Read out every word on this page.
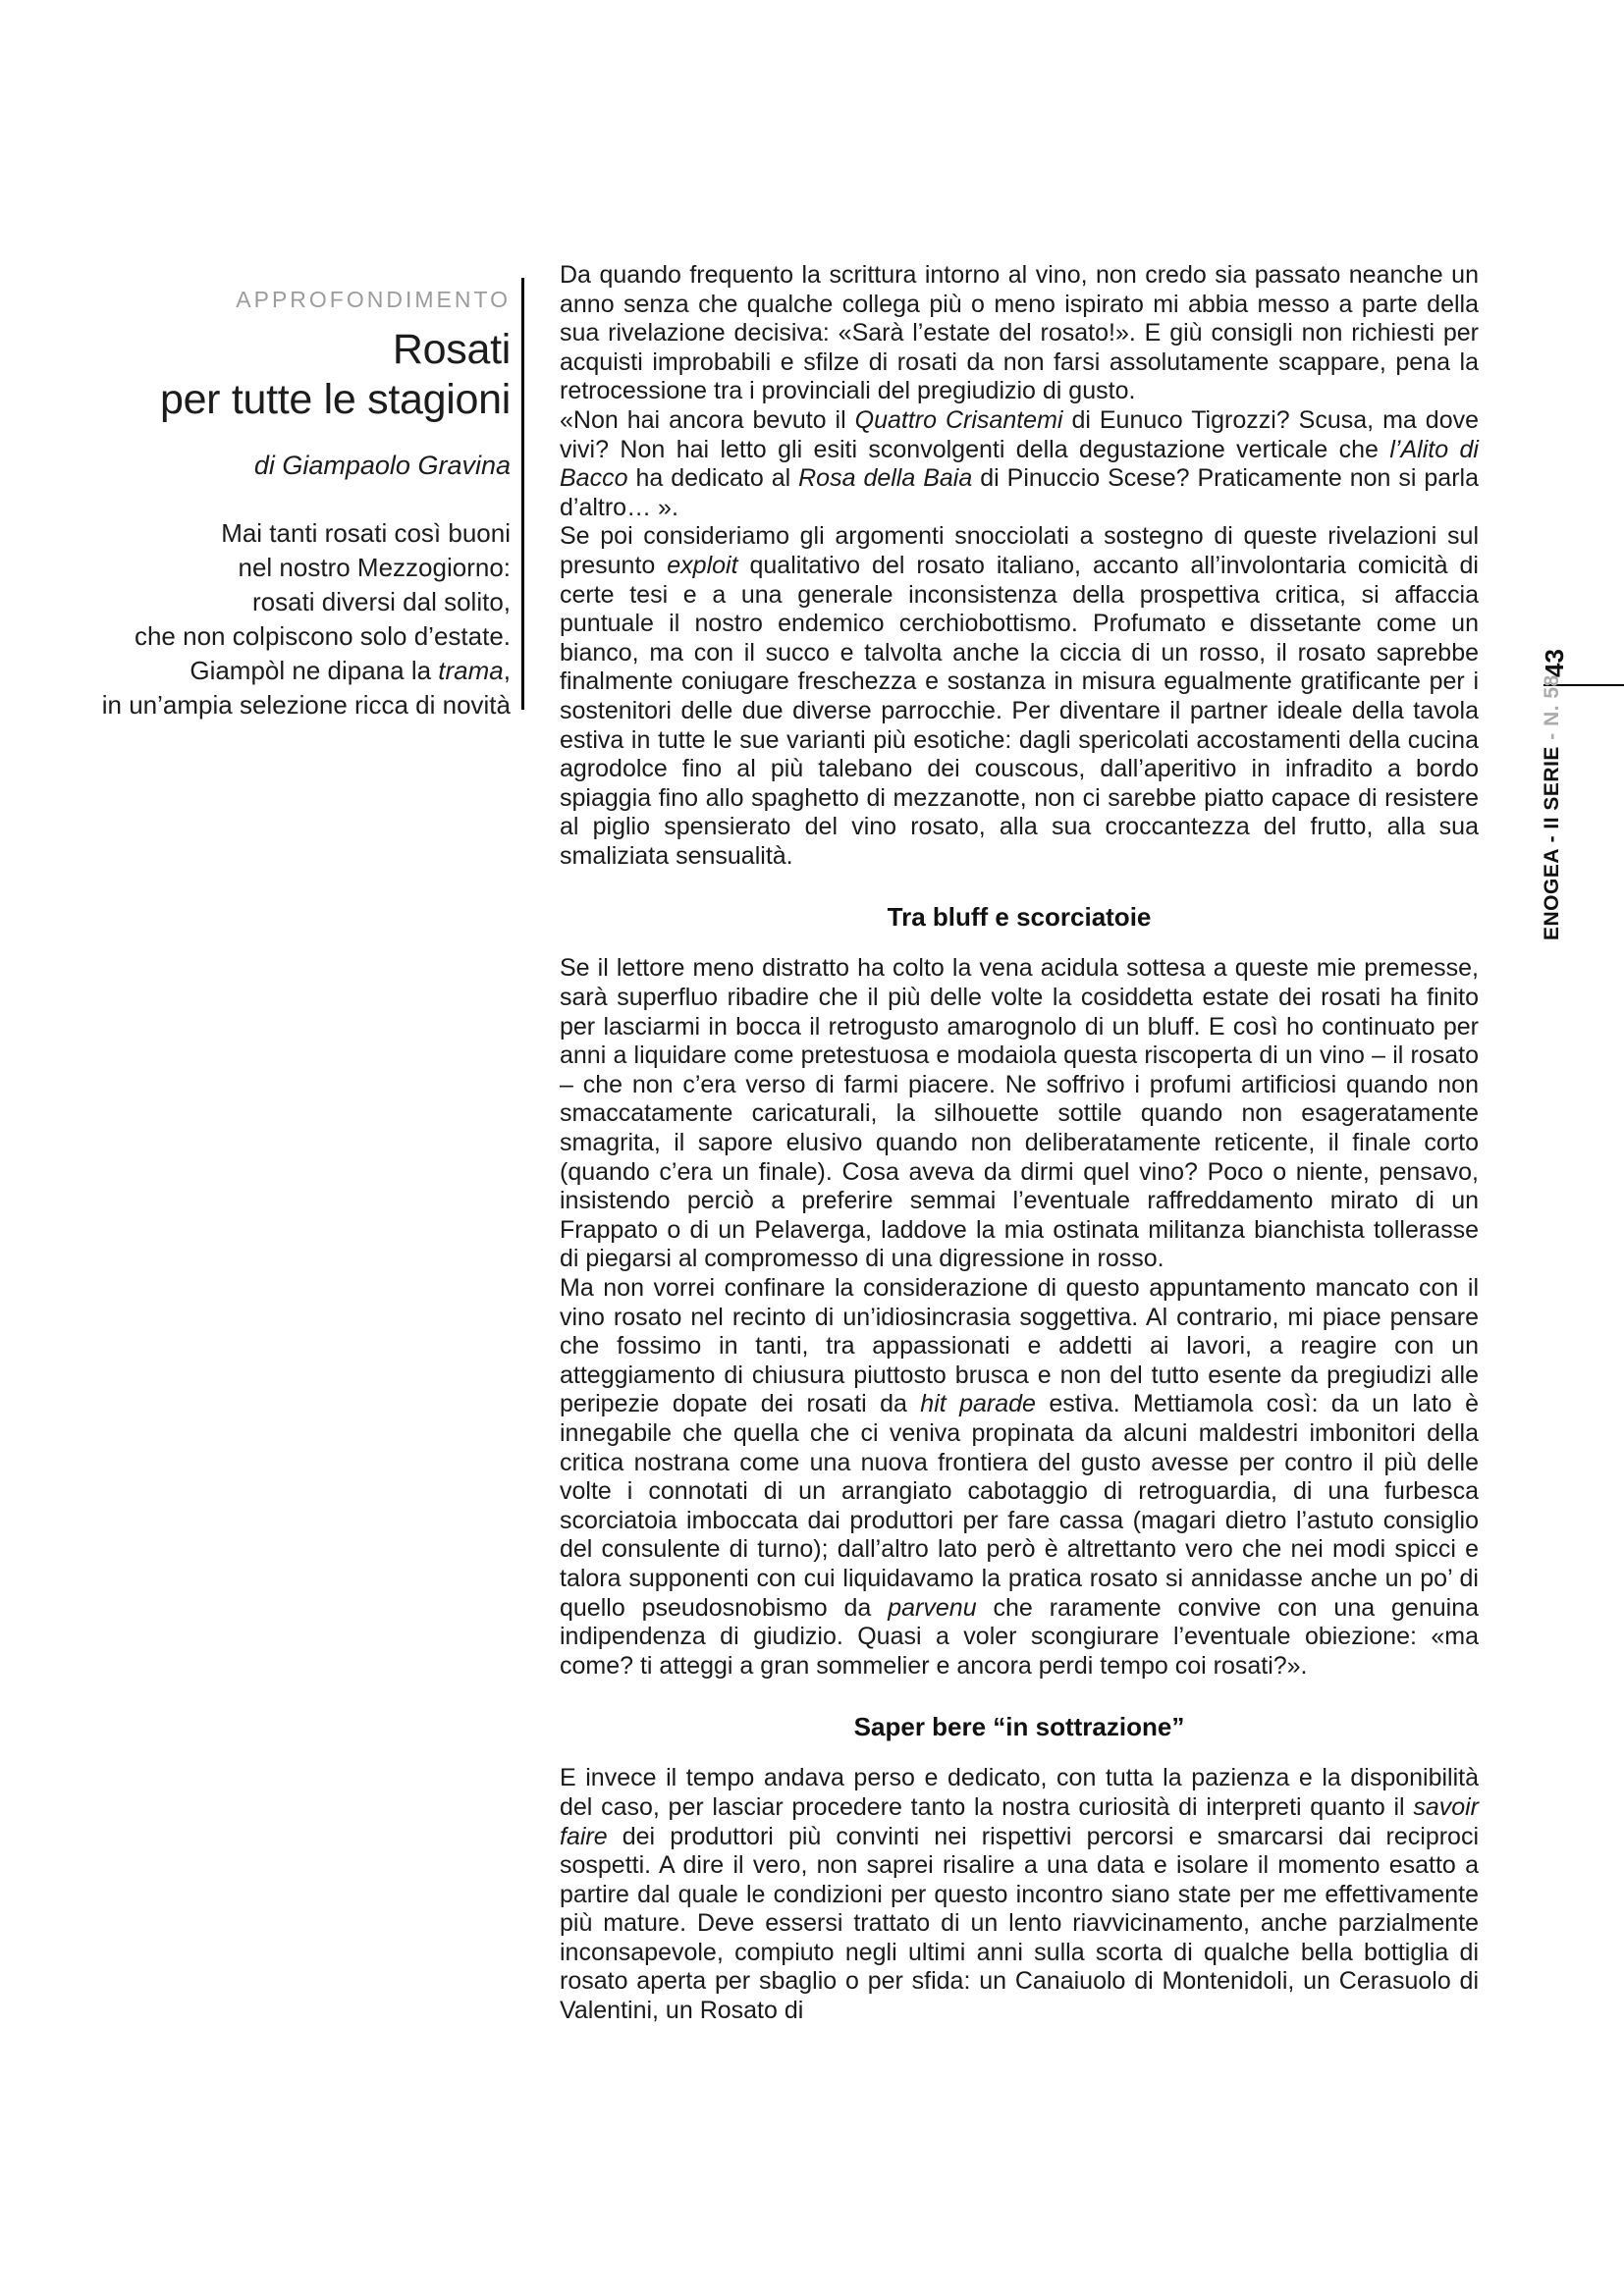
APPROFONDIMENTO
Rosati
per tutte le stagioni
di Giampaolo Gravina
Mai tanti rosati così buoni
nel nostro Mezzogiorno:
rosati diversi dal solito,
che non colpiscono solo d’estate.
Giampòl ne dipana la trama,
in un’ampia selezione ricca di novità

Da quando frequento la scrittura intorno al vino, non credo sia passato neanche un anno senza che qualche collega più o meno ispirato mi abbia messo a parte della sua rivelazione decisiva: «Sarà l’estate del rosato!». E giù consigli non richiesti per acquisti improbabili e sfilze di rosati da non farsi assolutamente scappare, pena la retrocessione tra i provinciali del pregiudizio di gusto.

«Non hai ancora bevuto il Quattro Crisantemi di Eunuco Tigrozzi? Scusa, ma dove vivi? Non hai letto gli esiti sconvolgenti della degustazione verticale che l’Alito di Bacco ha dedicato al Rosa della Baia di Pinuccio Scese? Praticamente non si parla d’altro… ».

Se poi consideriamo gli argomenti snocciolati a sostegno di queste rivelazioni sul presunto exploit qualitativo del rosato italiano, accanto all’involontaria comicità di certe tesi e a una generale inconsistenza della prospettiva critica, si affaccia puntuale il nostro endemico cerchiobottismo. Profumato e dissetante come un bianco, ma con il succo e talvolta anche la ciccia di un rosso, il rosato saprebbe finalmente coniugare freschezza e sostanza in misura egualmente gratificante per i sostenitori delle due diverse parrocchie. Per diventare il partner ideale della tavola estiva in tutte le sue varianti più esotiche: dagli spericolati accostamenti della cucina agrodolce fino al più talebano dei couscous, dall’aperitivo in infradito a bordo spiaggia fino allo spaghetto di mezzanotte, non ci sarebbe piatto capace di resistere al piglio spensierato del vino rosato, alla sua croccantezza del frutto, alla sua smaliziata sensualità.

Tra bluff e scorciatoie

Se il lettore meno distratto ha colto la vena acidula sottesa a queste mie premesse, sarà superfluo ribadire che il più delle volte la cosiddetta estate dei rosati ha finito per lasciarmi in bocca il retrogusto amarognolo di un bluff. E così ho continuato per anni a liquidare come pretestuosa e modaiola questa riscoperta di un vino – il rosato – che non c’era verso di farmi piacere. Ne soffrivo i profumi artificiosi quando non smaccatamente caricaturali, la silhouette sottile quando non esageratamente smagrita, il sapore elusivo quando non deliberatamente reticente, il finale corto (quando c’era un finale). Cosa aveva da dirmi quel vino? Poco o niente, pensavo, insistendo perciò a preferire semmai l’eventuale raffreddamento mirato di un Frappato o di un Pelaverga, laddove la mia ostinata militanza bianchista tollerasse di piegarsi al compromesso di una digressione in rosso.

Ma non vorrei confinare la considerazione di questo appuntamento mancato con il vino rosato nel recinto di un’idiosincrasia soggettiva. Al contrario, mi piace pensare che fossimo in tanti, tra appassionati e addetti ai lavori, a reagire con un atteggiamento di chiusura piuttosto brusca e non del tutto esente da pregiudizi alle peripezie dopate dei rosati da hit parade estiva. Mettiamola così: da un lato è innegabile che quella che ci veniva propinata da alcuni maldestri imbonitori della critica nostrana come una nuova frontiera del gusto avesse per contro il più delle volte i connotati di un arrangiato cabotaggio di retroguardia, di una furbesca scorciatoia imboccata dai produttori per fare cassa (magari dietro l’astuto consiglio del consulente di turno); dall’altro lato però è altrettanto vero che nei modi spicci e talora supponenti con cui liquidavamo la pratica rosato si annidasse anche un po’ di quello pseudosnobismo da parvenu che raramente convive con una genuina indipendenza di giudizio. Quasi a voler scongiurare l’eventuale obiezione: «ma come? ti atteggi a gran sommelier e ancora perdi tempo coi rosati?».

Saper bere “in sottrazione”

E invece il tempo andava perso e dedicato, con tutta la pazienza e la disponibilità del caso, per lasciar procedere tanto la nostra curiosità di interpreti quanto il savoir faire dei produttori più convinti nei rispettivi percorsi e smarcarsi dai reciproci sospetti. A dire il vero, non saprei risalire a una data e isolare il momento esatto a partire dal quale le condizioni per questo incontro siano state per me effettivamente più mature. Deve essersi trattato di un lento riavvicinamento, anche parzialmente inconsapevole, compiuto negli ultimi anni sulla scorta di qualche bella bottiglia di rosato aperta per sbaglio o per sfida: un Canaiuolo di Montenidoli, un Cerasuolo di Valentini, un Rosato di

43
ENOGEA - II SERIE - N. 58
